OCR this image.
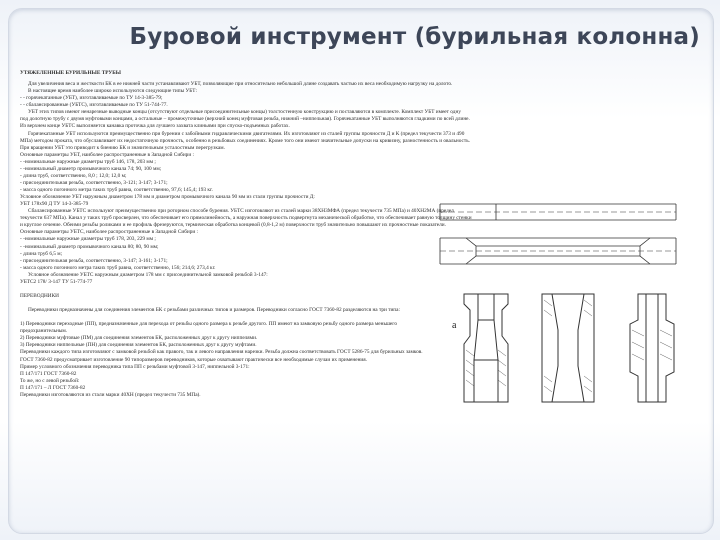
Буровой инструмент (бурильная колонна)

УТЯЖЕЛЕННЫЕ БУРИЛЬНЫЕ ТРУБЫ

Для увеличения веса и жесткости БК в ее нижней части устанавливают УБТ, позволяющие при относительно небольшой длине создавать частью их веса необходимую нагрузку на долото.

В настоящее время наиболее широко используются следующие типы УБТ:

- - горячекатанные (УБТ), изготавливаемые по ТУ 14-3-385-79;

- - сбалансированные (УБТС), изготавливаемые по ТУ 51-744-77.

УБТ этих типов имеют ненарезные выводные концы (отсутствуют отдельные присоединительные концы) толстостенную конструкцию и поставляются в комплекте. Комплект УБТ имеет одну

под долотную трубу с двумя муфтовыми концами, а остальные – промежуточные (верхний конец муфтовая резьба, нижний –ниппельная). Горячекатанные УБТ выполняются гладкими по всей длине.

Из верхнем конце УБТС выполняется канавка проточка для лучшего захвата клиньями при спуско-подъемных работах.

Горячекатанные УБТ используются преимущественно при бурении с забойными гидравлическими двигателями. Их изготовляют из сталей группы прочности Д и К (предел текучести 373 и 490

МПа) методом проката, что обуславливает их недостаточную прочность, особенно в резьбовых соединениях. Кроме того они имеют значительные допуски на кривизну, разностенность и овальность.

При вращении УБТ это приводит к биению БК и значительным усталостным перегрузкам.

Основные параметры УБТ, наиболее распространенные в Западной Сибири :

- -номинальные наружные диаметры труб 146, 178, 203 мм ;

- -номинальный диаметр промывочного канала 74; 90, 100 мм;

- длина труб, соответственно, 8,0 ; 12,0; 12,0 м;

- присоединительная резьба, соответственно, 3-121; 3-147; 3-171;

- масса одного погонного метра таких труб равна, соответственно, 97,6; 145,4; 193 кг.

Условное обозначение УБТ наружным диаметром 178 мм и диаметром промывочного канала 90 мм из стали группы прочности Д:

УБТ 178х90 Д ТУ 14-3-385-79

Сбалансированные УБТС используют преимущественно при роторном способе бурения. УБТС изготовляют из сталей марки 38ХН3МФА (предел текучести 735 МПа) и 40ХН2МА (предел

текучести 637 МПа). Канал у таких труб просверлен, что обеспечивает его прямолинейность, а наружная поверхность подвергнута механической обработке, что обеспечивает равную толщину стенки

и круглое сечение. Обеими резьбы роликами и ее профиль фрезеруются, термическая обработка концевой (0,8-1,2 м) поверхности труб значительно повышают их прочностные показатели.

Основные параметры УБТС, наиболее распространенные в Западной Сибири :

- -номинальные наружные диаметры труб 178, 203, 229 мм ;

- -номинальный диаметр промывочного канала 80; 80, 90 мм;

- длина труб 6,5 м;

- присоединительная резьба, соответственно, 3-147; 3-161; 3-171;

- масса одного погонного метра таких труб равна, соответственно, 156; 214,6; 273,4 кг.

Условное обозначение УБТС наружным диаметром 178 мм с присоединительной замковой резьбой 3-147:

УБТС2 178/ 3-147 ТУ 51-774-77

ПЕРЕВОДНИКИ

Переводники предназначены для соединения элементов БК с резьбами различных типов и размеров. Переводники согласно ГОСТ 7360-82 разделяются на три типа:

1) Переводники переходные (ПП), предназначенные для перехода от резьбы одного размера к резьбе другого. ПП имеют на замковую резьбу одного размера меньшего

предохранительным.

2) Переводники муфтовые (ПМ) для соединения элементов БК, расположенных друг к другу ниппелями.

3) Переводники ниппельные (ПН) для соединения элементов БК, расположенных друг к другу муфтами.

Переводники каждого типа изготовляют с замковой резьбой как правого, так и левого направления нарезки. Резьба должна соответствовать ГОСТ 5286-75 для бурильных замков.

ГОСТ 7360-82 предусматривает изготовление 90 типоразмеров переводников, которые охватывают практически все необходимые случаи их применения.

Пример условного обозначения переводника типа ПП с резьбами муфтовой 3-147, ниппельной 3-171:

П 147/171 ГОСТ 7360-82

То же, но с левой резьбой:

П 147/171 – Л ГОСТ 7360-82

Переводники изготовляются из стали марки 40ХН (предел текучести 735 МПа).

а
